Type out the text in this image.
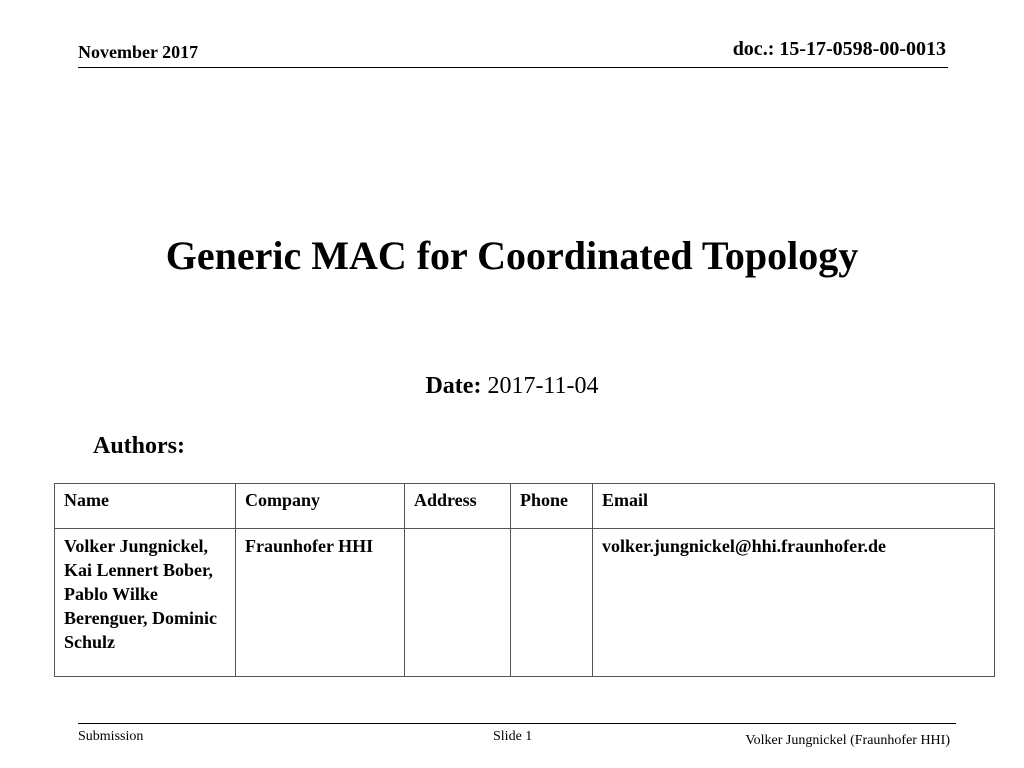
November 2017	doc.: 15-17-0598-00-0013
Generic MAC for Coordinated Topology
Date: 2017-11-04
Authors:
Name	Company	Address	Phone	Email
Volker Jungnickel, Kai Lennert Bober, Pablo Wilke Berenguer, Dominic Schulz	Fraunhofer HHI			volker.jungnickel@hhi.fraunhofer.de
Submission	Slide 1	Volker Jungnickel (Fraunhofer HHI)
